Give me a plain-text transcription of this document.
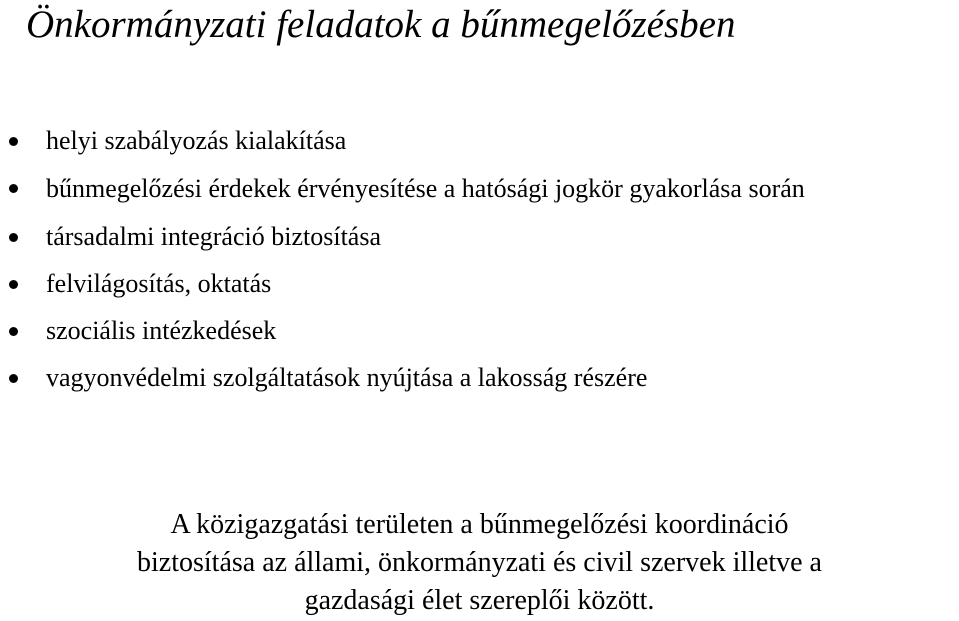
Önkormányzati feladatok a bűnmegelőzésben
helyi szabályozás kialakítása
bűnmegelőzési érdekek érvényesítése a hatósági jogkör gyakorlása során
társadalmi integráció biztosítása
felvilágosítás, oktatás
szociális intézkedések
vagyonvédelmi szolgáltatások nyújtása a lakosság részére

A közigazgatási területen a bűnmegelőzési koordináció
biztosítása az állami, önkormányzati és civil szervek illetve a
gazdasági élet szereplői között.
